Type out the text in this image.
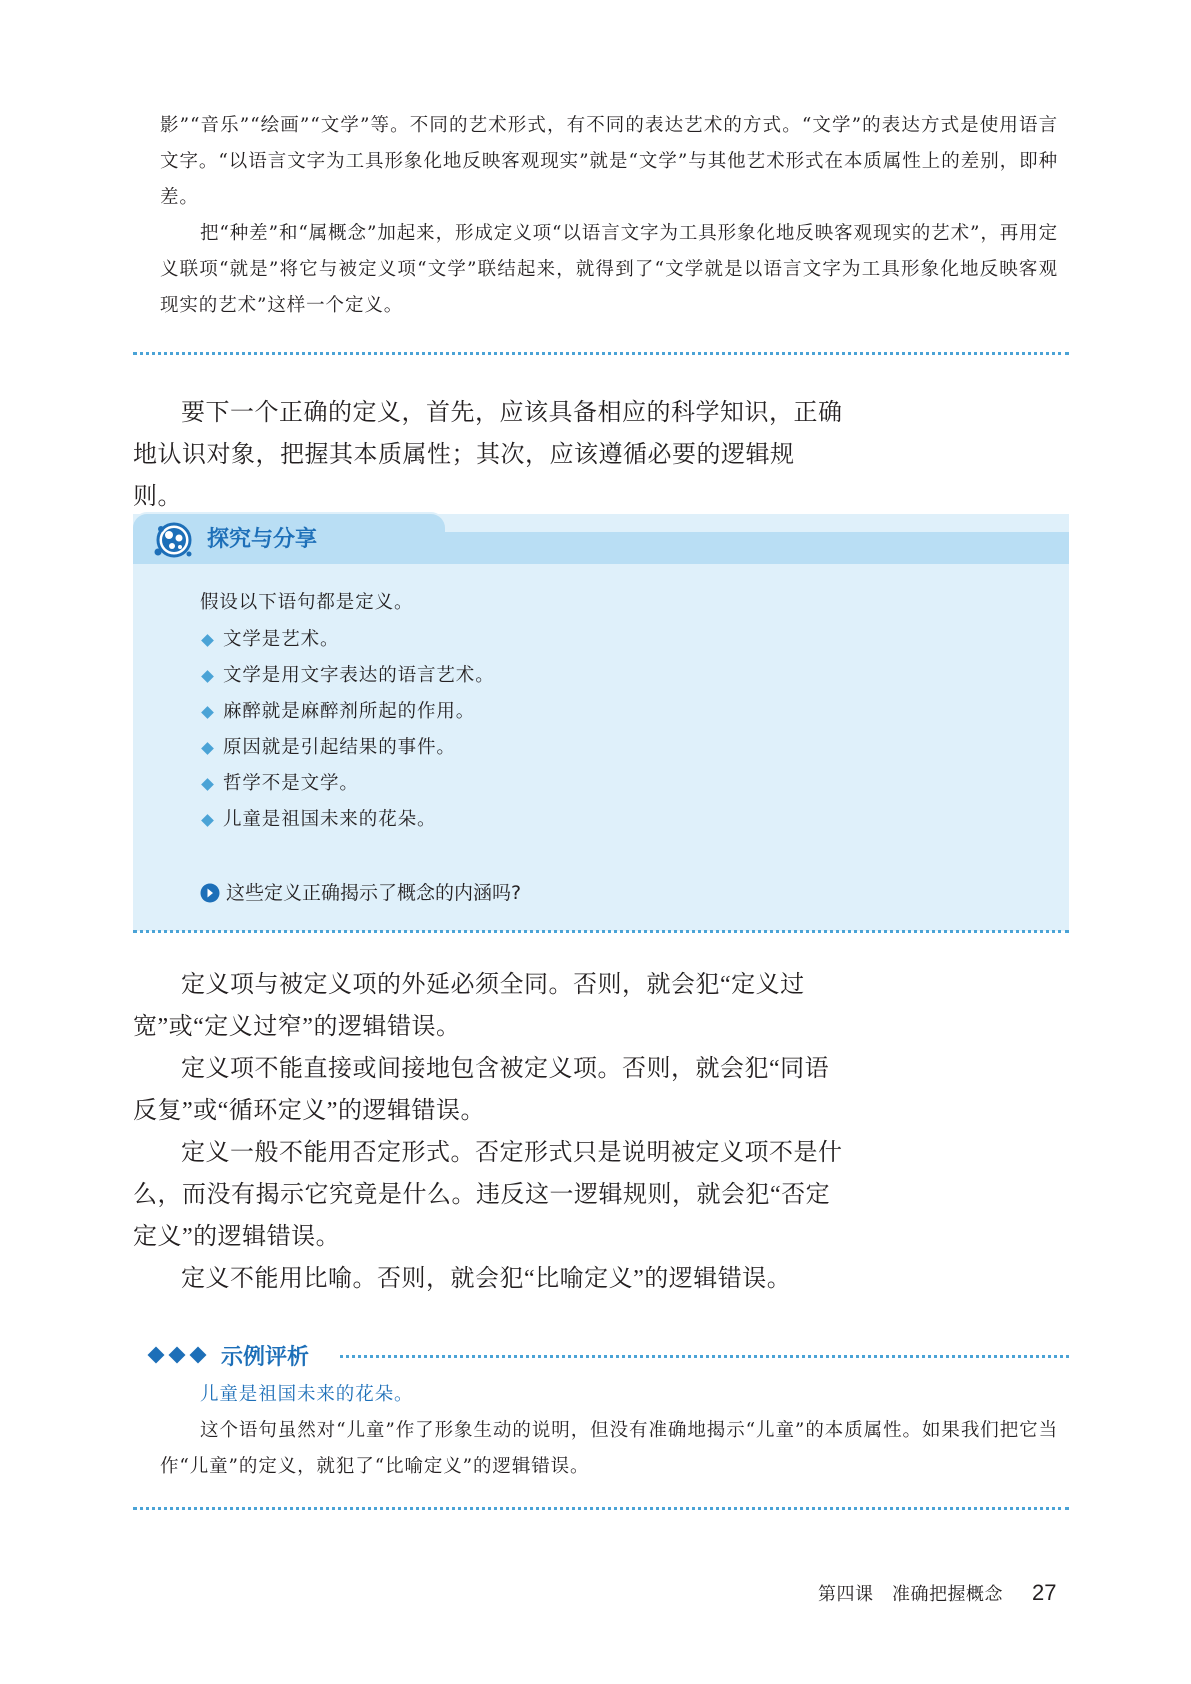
影”“音乐”“绘画”“文学”等。不同的艺术形式，有不同的表达艺术的方式。“文学”的表达方式是使用语言文字。“以语言文字为工具形象化地反映客观现实”就是“文学”与其他艺术形式在本质属性上的差别，即种差。

把“种差”和“属概念”加起来，形成定义项“以语言文字为工具形象化地反映客观现实的艺术”，再用定义联项“就是”将它与被定义项“文学”联结起来，就得到了“文学就是以语言文字为工具形象化地反映客观现实的艺术”这样一个定义。

要下一个正确的定义，首先，应该具备相应的科学知识，正确地认识对象，把握其本质属性；其次，应该遵循必要的逻辑规则。

探究与分享

假设以下语句都是定义。

文学是艺术。
文学是用文字表达的语言艺术。
麻醉就是麻醉剂所起的作用。
原因就是引起结果的事件。
哲学不是文学。
儿童是祖国未来的花朵。

这些定义正确揭示了概念的内涵吗?

定义项与被定义项的外延必须全同。否则，就会犯“定义过宽”或“定义过窄”的逻辑错误。

定义项不能直接或间接地包含被定义项。否则，就会犯“同语反复”或“循环定义”的逻辑错误。

定义一般不能用否定形式。否定形式只是说明被定义项不是什么，而没有揭示它究竟是什么。违反这一逻辑规则，就会犯“否定定义”的逻辑错误。

定义不能用比喻。否则，就会犯“比喻定义”的逻辑错误。

示例评析

儿童是祖国未来的花朵。

这个语句虽然对“儿童”作了形象生动的说明，但没有准确地揭示“儿童”的本质属性。如果我们把它当作“儿童”的定义，就犯了“比喻定义”的逻辑错误。

第四课　准确把握概念 27
